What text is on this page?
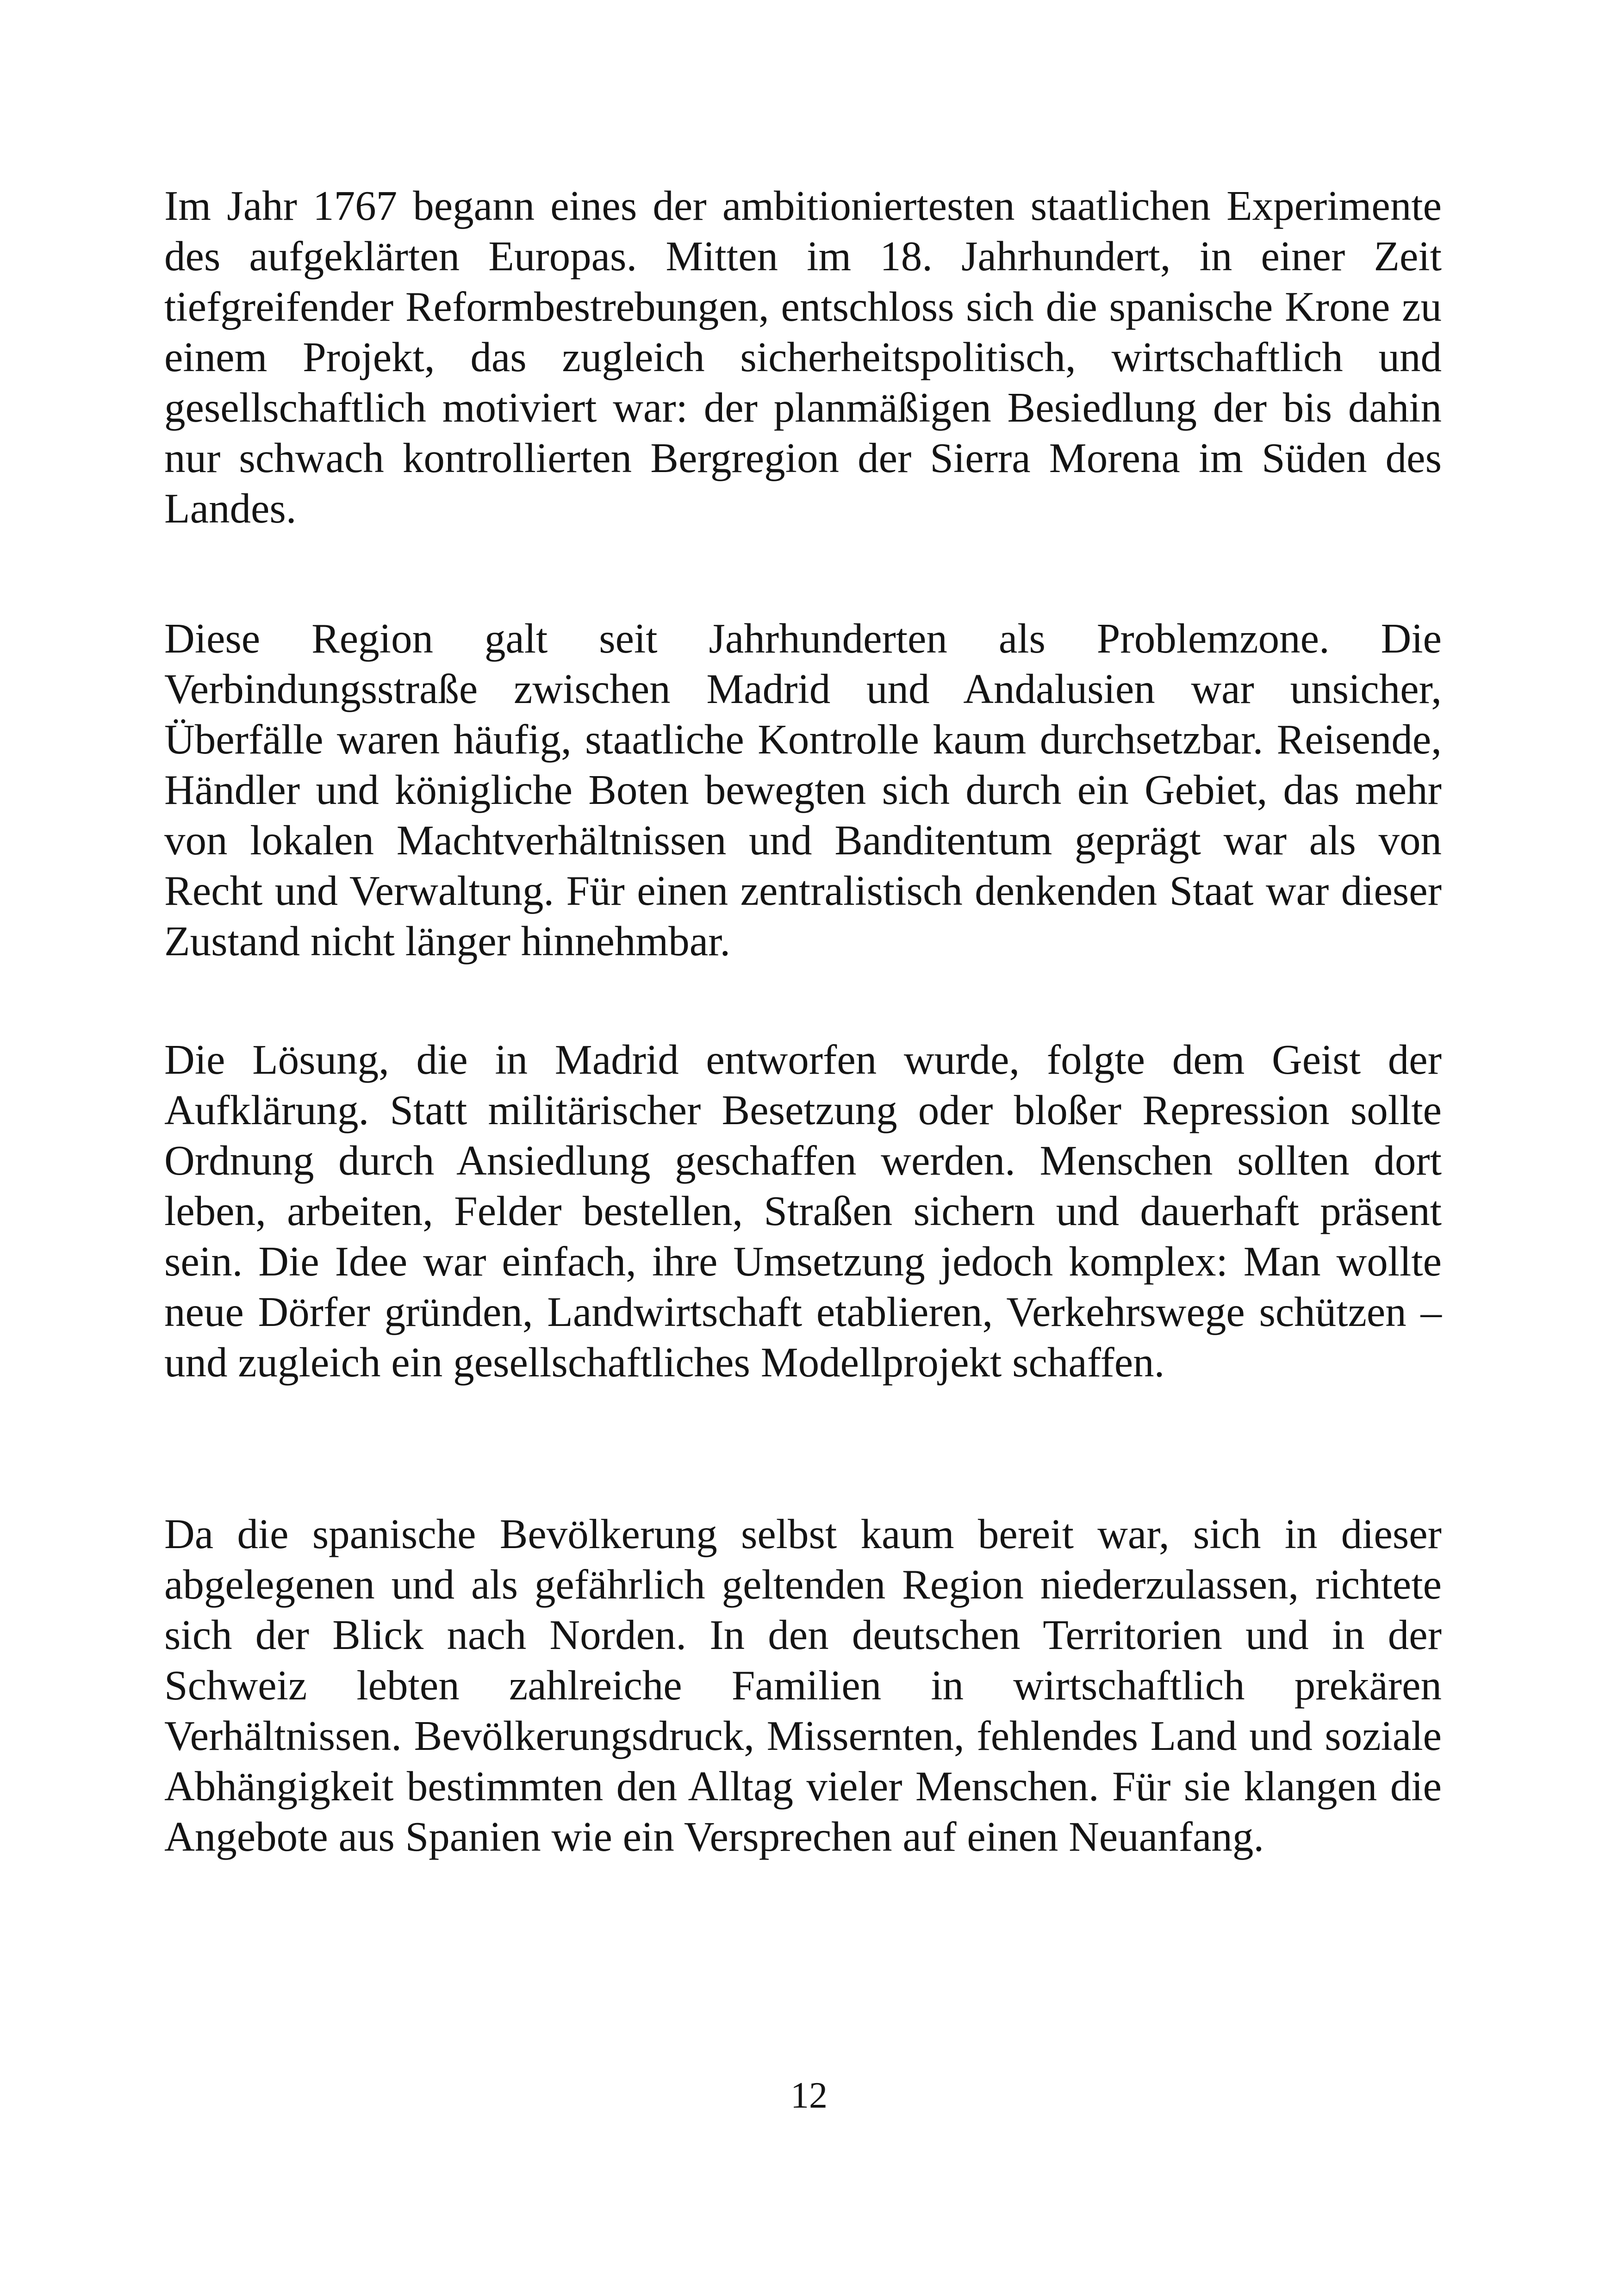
Im Jahr 1767 begann eines der ambitioniertesten staatlichen Experimente des aufgeklärten Europas. Mitten im 18. Jahrhundert, in einer Zeit tiefgreifender Reformbestrebungen, entschloss sich die spanische Krone zu einem Projekt, das zugleich sicherheitspolitisch, wirtschaftlich und gesellschaftlich motiviert war: der planmäßigen Besiedlung der bis dahin nur schwach kontrollierten Bergregion der Sierra Morena im Süden des Landes.

Diese Region galt seit Jahrhunderten als Problemzone. Die Verbindungsstraße zwischen Madrid und Andalusien war unsicher, Überfälle waren häufig, staatliche Kontrolle kaum durchsetzbar. Reisende, Händler und königliche Boten bewegten sich durch ein Gebiet, das mehr von lokalen Machtverhältnissen und Banditentum geprägt war als von Recht und Verwaltung. Für einen zentralistisch denkenden Staat war dieser Zustand nicht länger hinnehmbar.

Die Lösung, die in Madrid entworfen wurde, folgte dem Geist der Aufklärung. Statt militärischer Besetzung oder bloßer Repression sollte Ordnung durch Ansiedlung geschaffen werden. Menschen sollten dort leben, arbeiten, Felder bestellen, Straßen sichern und dauerhaft präsent sein. Die Idee war einfach, ihre Umsetzung jedoch komplex: Man wollte neue Dörfer gründen, Landwirtschaft etablieren, Verkehrswege schützen – und zugleich ein gesellschaftliches Modellprojekt schaffen.

Da die spanische Bevölkerung selbst kaum bereit war, sich in dieser abgelegenen und als gefährlich geltenden Region niederzulassen, richtete sich der Blick nach Norden. In den deutschen Territorien und in der Schweiz lebten zahlreiche Familien in wirtschaftlich prekären Verhältnissen. Bevölkerungsdruck, Missernten, fehlendes Land und soziale Abhängigkeit bestimmten den Alltag vieler Menschen. Für sie klangen die Angebote aus Spanien wie ein Versprechen auf einen Neuanfang.

12
